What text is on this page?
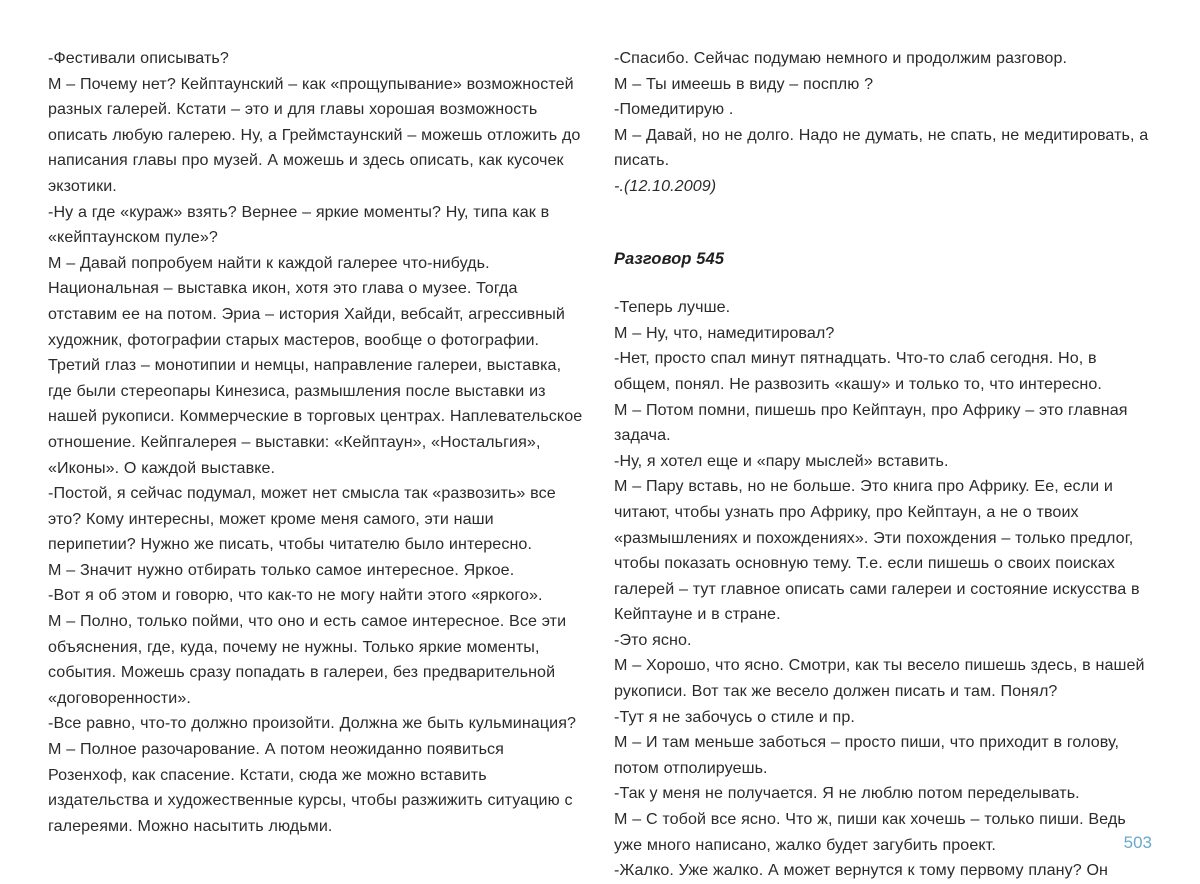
-Фестивали описывать?

М – Почему нет? Кейптаунский – как «прощупывание» возможностей разных галерей. Кстати – это и для главы хорошая возможность описать любую галерею. Ну, а Греймстаунский – можешь отложить до написания главы про музей. А можешь и здесь описать, как кусочек экзотики.

-Ну а где «кураж» взять? Вернее – яркие моменты? Ну, типа как в «кейптаунском пуле»?

М – Давай попробуем найти к каждой галерее что-нибудь. Национальная – выставка икон, хотя это глава о музее. Тогда отставим ее на потом. Эриа – история Хайди, вебсайт, агрессивный художник, фотографии старых мастеров, вообще о фотографии. Третий глаз – монотипии и немцы, направление галереи, выставка, где были стереопары Кинезиса, размышления после выставки из нашей рукописи. Коммерческие в торговых центрах. Наплевательское отношение. Кейпгалерея – выставки: «Кейптаун», «Ностальгия», «Иконы». О каждой выставке.

-Постой, я сейчас подумал, может нет смысла так «развозить» все это? Кому интересны, может кроме меня самого, эти наши перипетии? Нужно же писать, чтобы читателю было интересно.

М – Значит нужно отбирать только самое интересное. Яркое.

-Вот я об этом и говорю, что как-то не могу найти этого «яркого».

М – Полно, только пойми, что оно и есть самое интересное. Все эти объяснения, где, куда, почему не нужны. Только яркие моменты, события. Можешь сразу попадать в галереи, без предварительной «договоренности».

-Все равно, что-то должно произойти. Должна же быть кульминация?

М – Полное разочарование. А потом неожиданно появиться Розенхоф, как спасение. Кстати, сюда же можно вставить издательства и художественные курсы, чтобы разжижить ситуацию с галереями. Можно насытить людьми.

-Спасибо. Сейчас подумаю немного и продолжим разговор.

М – Ты имеешь в виду – посплю ?

-Помедитирую .

М – Давай, но не долго. Надо не думать, не спать, не медитировать, а писать.

-.(12.10.2009)

Разговор 545

-Теперь лучше.

М – Ну, что, намедитировал?

-Нет, просто спал минут пятнадцать. Что-то слаб сегодня. Но, в общем, понял. Не развозить «кашу» и только то, что интересно.

М – Потом помни, пишешь про Кейптаун, про Африку – это главная задача.

-Ну, я хотел еще и «пару мыслей» вставить.

М – Пару вставь, но не больше. Это книга про Африку. Ее, если и читают, чтобы узнать про Африку, про Кейптаун, а не о твоих «размышлениях и похождениях». Эти похождения – только предлог, чтобы показать основную тему. Т.е. если пишешь о своих поисках галерей – тут главное описать сами галереи и состояние искусства в Кейптауне и в стране.

-Это ясно.

М – Хорошо, что ясно. Смотри, как ты весело пишешь здесь, в нашей рукописи. Вот так же весело должен писать и там. Понял?

-Тут я не забочусь о стиле и пр.

М – И там меньше заботься – просто пиши, что приходит в голову, потом отполируешь.

-Так у меня не получается. Я не люблю потом переделывать.

М – С тобой все ясно. Что ж, пиши как хочешь – только пиши. Ведь уже много написано, жалко будет загубить проект.

-Жалко. Уже жалко. А может вернутся к тому первому плану? Он

503
